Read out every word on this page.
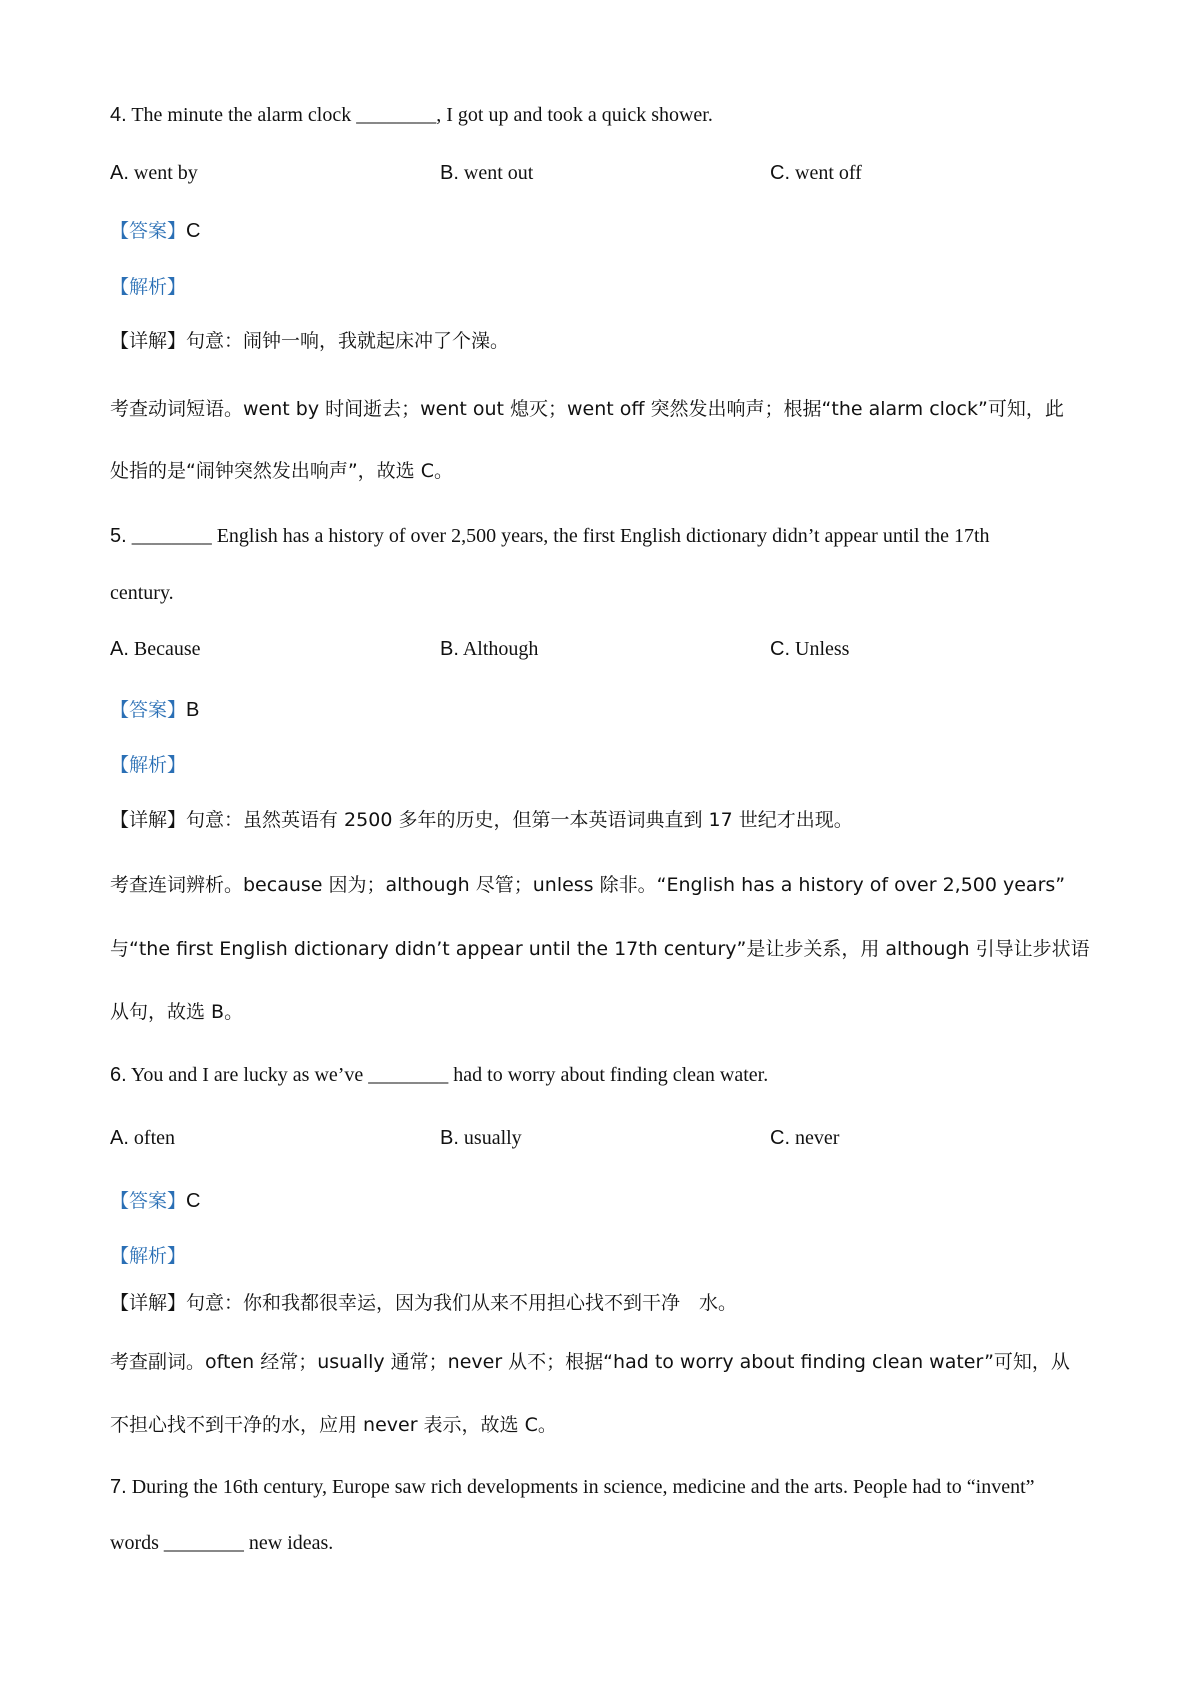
4. The minute the alarm clock ________, I got up and took a quick shower.
A. went by	B. went out	C. went off
【答案】C
【解析】
【详解】句意：闹钟一响，我就起床冲了个澡。
考查动词短语。went by 时间逝去；went out 熄灭；went off 突然发出响声；根据“the alarm clock”可知，此
处指的是“闹钟突然发出响声”，故选 C。
5. ________ English has a history of over 2,500 years, the first English dictionary didn’t appear until the 17th
century.
A. Because	B. Although	C. Unless
【答案】B
【解析】
【详解】句意：虽然英语有 2500 多年的历史，但第一本英语词典直到 17 世纪才出现。
考查连词辨析。because 因为；although 尽管；unless 除非。“English has a history of over 2,500 years”
与“the first English dictionary didn’t appear until the 17th century”是让步关系，用 although 引导让步状语
从句，故选 B。
6. You and I are lucky as we’ve ________ had to worry about finding clean water.
A. often	B. usually	C. never
【答案】C
【解析】
【详解】句意：你和我都很幸运，因为我们从来不用担心找不到干净　水。
考查副词。often 经常；usually 通常；never 从不；根据“had to worry about finding clean water”可知，从
不担心找不到干净的水，应用 never 表示，故选 C。
7. During the 16th century, Europe saw rich developments in science, medicine and the arts. People had to “invent”
words ________ new ideas.
